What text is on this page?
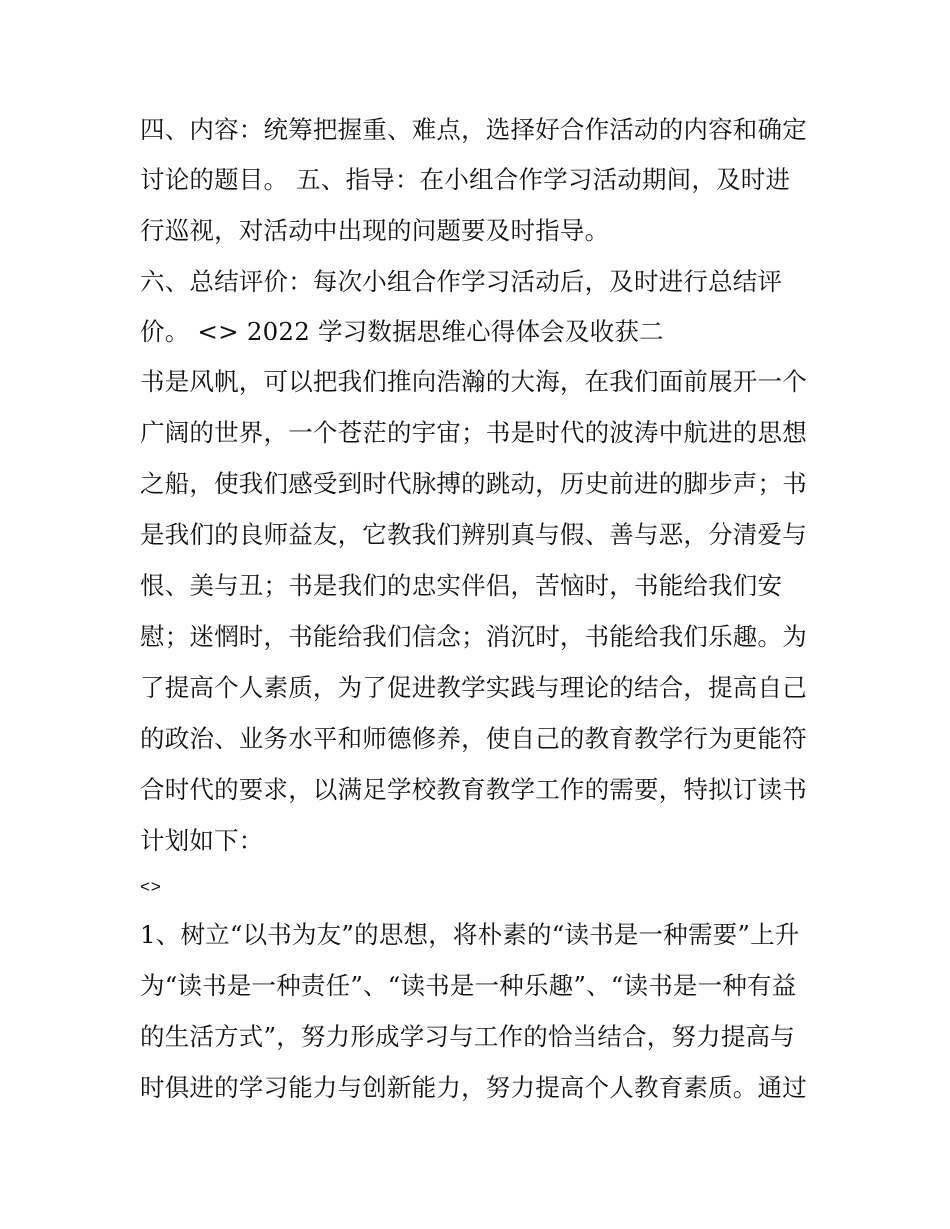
四、内容：统筹把握重、难点，选择好合作活动的内容和确定
讨论的题目。 五、指导：在小组合作学习活动期间，及时进
行巡视，对活动中出现的问题要及时指导。
六、总结评价：每次小组合作学习活动后，及时进行总结评
价。 <> 2022 学习数据思维心得体会及收获二
书是风帆，可以把我们推向浩瀚的大海，在我们面前展开一个
广阔的世界，一个苍茫的宇宙；书是时代的波涛中航进的思想
之船，使我们感受到时代脉搏的跳动，历史前进的脚步声；书
是我们的良师益友，它教我们辨别真与假、善与恶，分清爱与
恨、美与丑；书是我们的忠实伴侣，苦恼时，书能给我们安
慰；迷惘时，书能给我们信念；消沉时，书能给我们乐趣。为
了提高个人素质，为了促进教学实践与理论的结合，提高自己
的政治、业务水平和师德修养，使自己的教育教学行为更能符
合时代的要求，以满足学校教育教学工作的需要，特拟订读书
计划如下：
<>
1、树立“以书为友”的思想，将朴素的“读书是一种需要”上升
为“读书是一种责任”、“读书是一种乐趣”、“读书是一种有益
的生活方式”，努力形成学习与工作的恰当结合，努力提高与
时俱进的学习能力与创新能力，努力提高个人教育素质。通过
